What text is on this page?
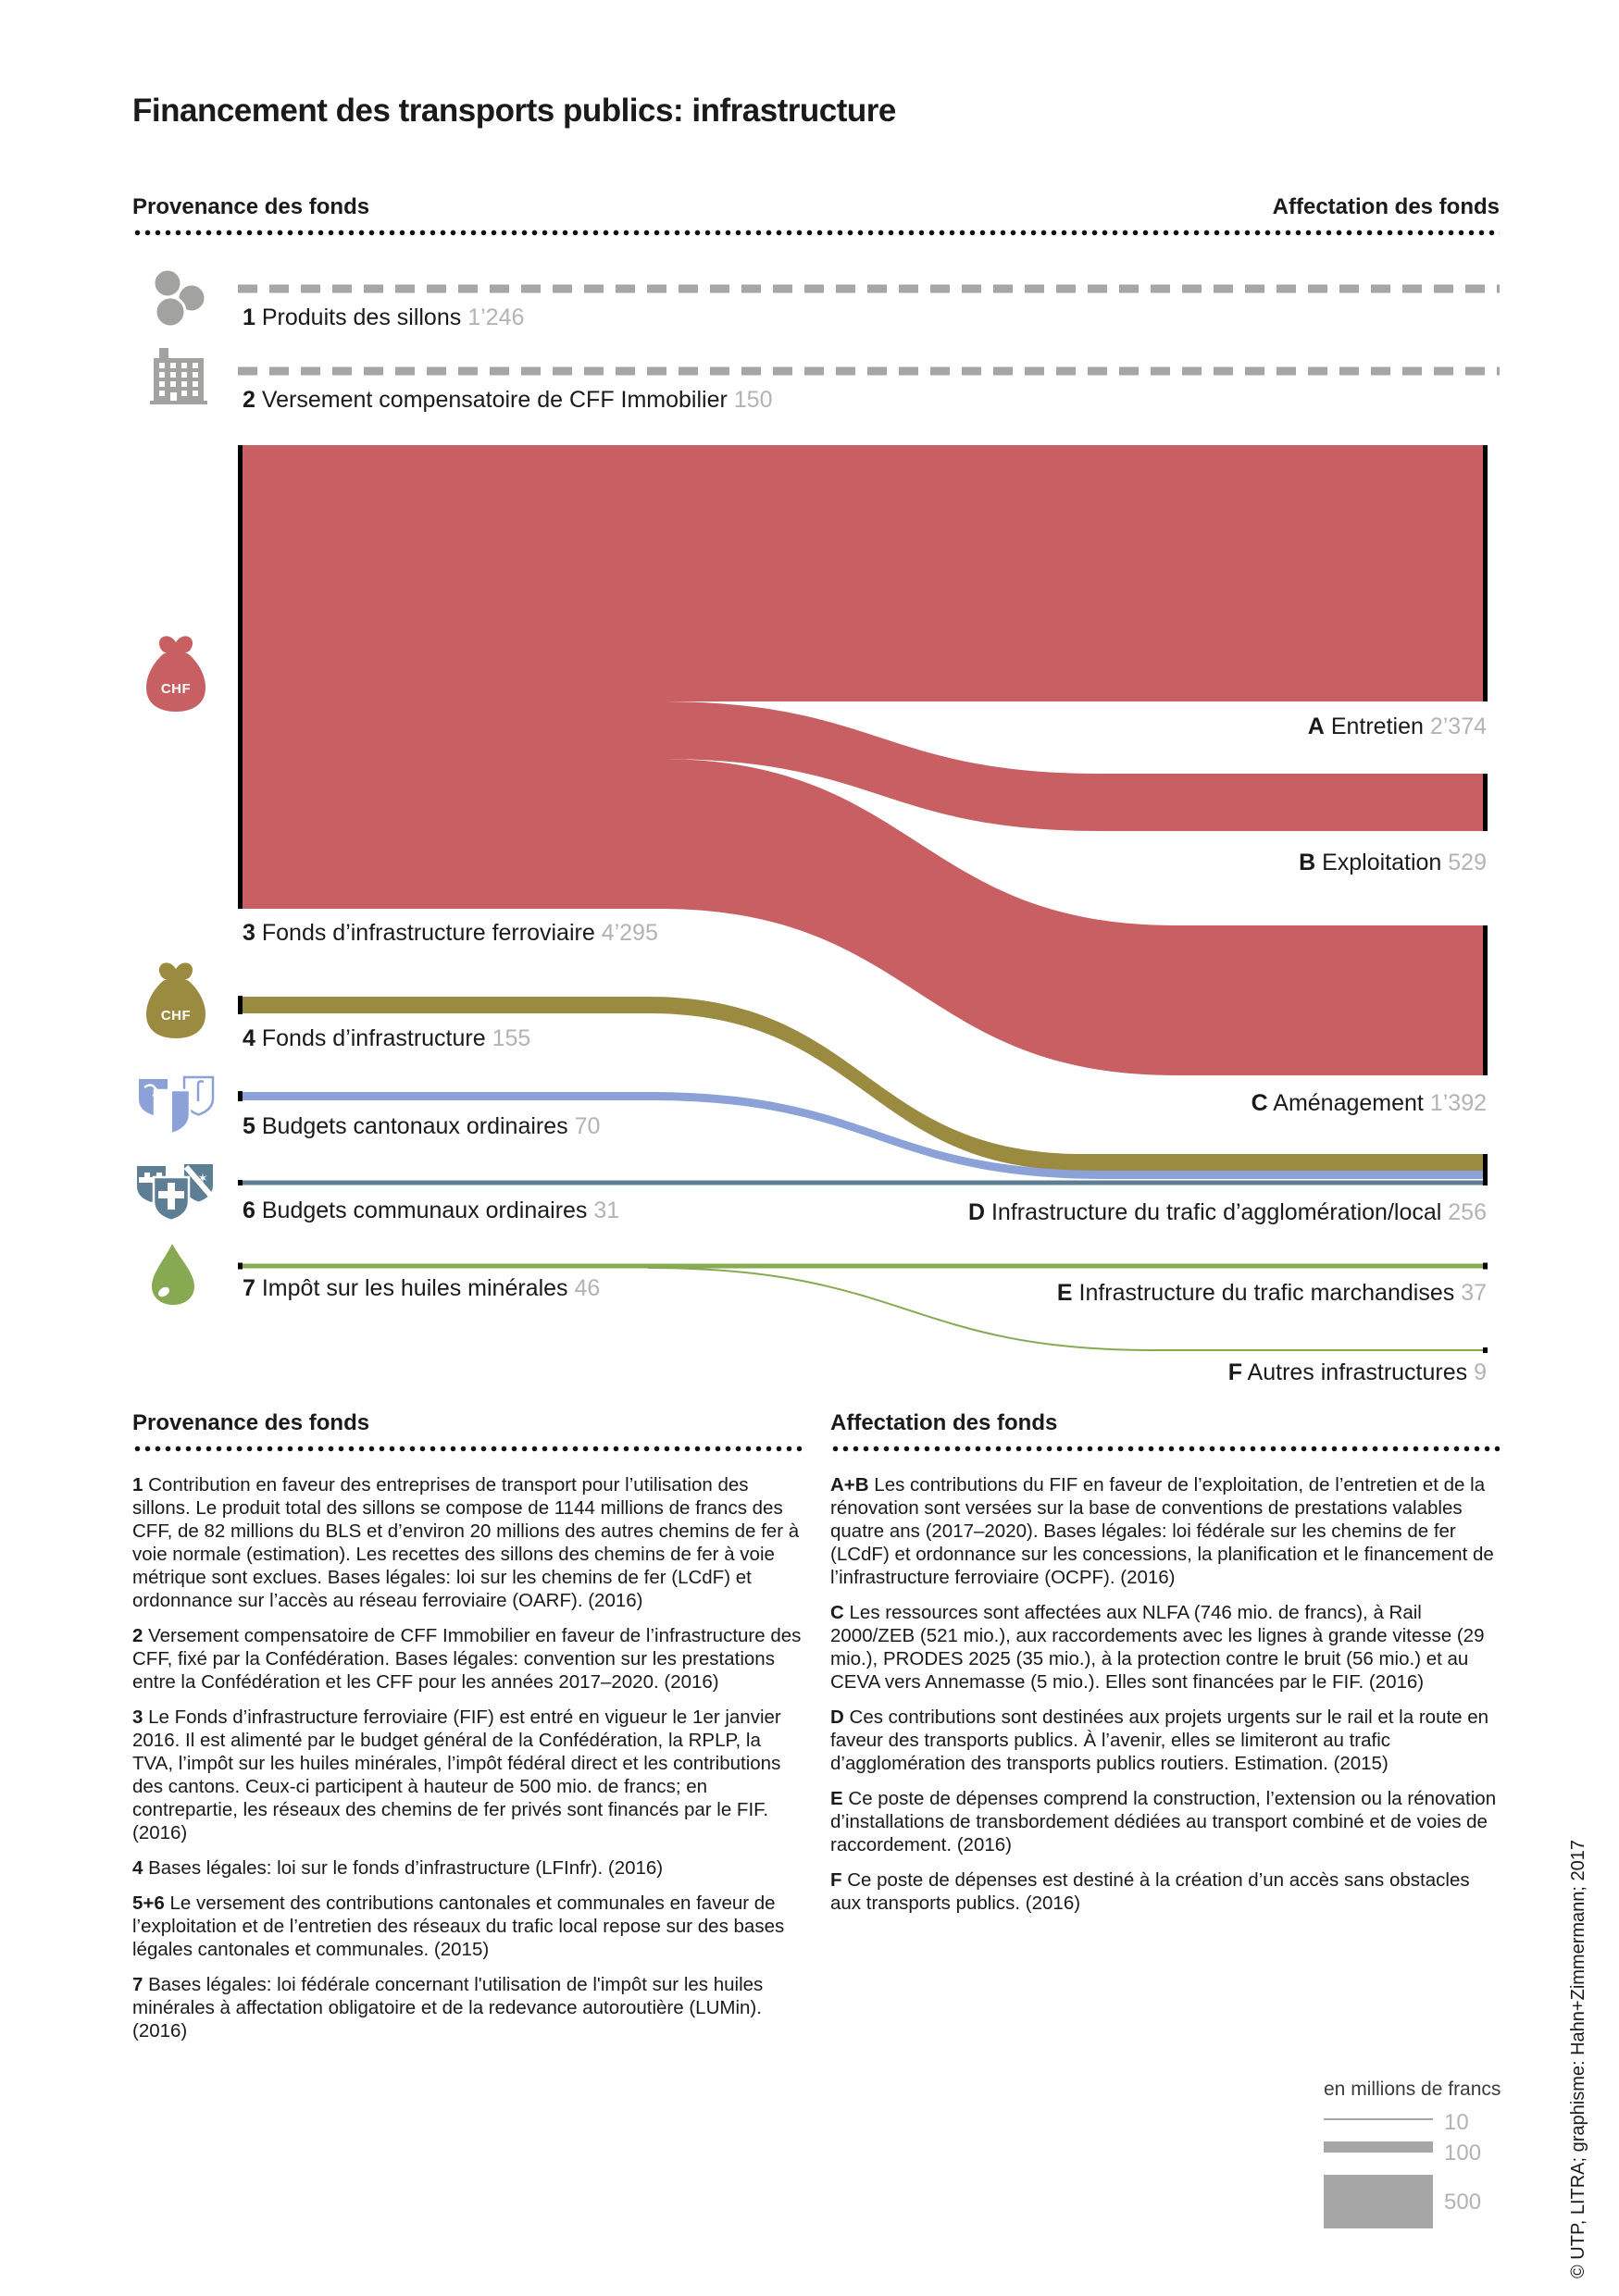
CHF
CHF
✶
Financement des transports publics: infrastructure
Provenance des fonds	Affectation des fonds
1 Produits des sillons 1’246
2 Versement compensatoire de CFF Immobilier 150
3 Fonds d’infrastructure ferroviaire 4’295
4 Fonds d’infrastructure 155
5 Budgets cantonaux ordinaires 70
6 Budgets communaux ordinaires 31
7 Impôt sur les huiles minérales 46
A Entretien 2’374
B Exploitation 529
C Aménagement 1’392
D Infrastructure du trafic d’agglomération/local 256
E Infrastructure du trafic marchandises 37
F Autres infrastructures 9
Provenance des fonds	Affectation des fonds

1 Contribution en faveur des entreprises de transport pour l’utilisation des sillons. Le produit total des sillons se compose de 1144 millions de francs des CFF, de 82 millions du BLS et d’environ 20 millions des autres chemins de fer à voie normale (estimation). Les recettes des sillons des chemins de fer à voie métrique sont exclues. Bases légales: loi sur les chemins de fer (LCdF) et ordonnance sur l’accès au réseau ferroviaire (OARF). (2016)

2 Versement compensatoire de CFF Immobilier en faveur de l’infrastructure des CFF, fixé par la Confédération. Bases légales: convention sur les prestations entre la Confédération et les CFF pour les années 2017–2020. (2016)

3 Le Fonds d’infrastructure ferroviaire (FIF) est entré en vigueur le 1er janvier 2016. Il est alimenté par le budget général de la Confédération, la RPLP, la TVA, l’impôt sur les huiles minérales, l’impôt fédéral direct et les contributions des cantons. Ceux-ci participent à hauteur de 500 mio. de francs; en contrepartie, les réseaux des chemins de fer privés sont financés par le FIF. (2016)

4 Bases légales: loi sur le fonds d’infrastructure (LFInfr). (2016)

5+6 Le versement des contributions cantonales et communales en faveur de l’exploitation et de l’entretien des réseaux du trafic local repose sur des bases légales cantonales et communales. (2015)

7 Bases légales: loi fédérale concernant l'utilisation de l'impôt sur les huiles minérales à affectation obligatoire et de la redevance autoroutière (LUMin). (2016)

A+B Les contributions du FIF en faveur de l’exploitation, de l’entretien et de la rénovation sont versées sur la base de conventions de prestations valables quatre ans (2017–2020). Bases légales: loi fédérale sur les chemins de fer (LCdF) et ordonnance sur les concessions, la planification et le financement de l’infrastructure ferroviaire (OCPF). (2016)

C Les ressources sont affectées aux NLFA (746 mio. de francs), à Rail 2000/ZEB (521 mio.), aux raccordements avec les lignes à grande vitesse (29 mio.), PRODES 2025 (35 mio.), à la protection contre le bruit (56 mio.) et au CEVA vers Annemasse (5 mio.). Elles sont financées par le FIF. (2016)

D Ces contributions sont destinées aux projets urgents sur le rail et la route en faveur des transports publics. À l’avenir, elles se limiteront au trafic d’agglomération des transports publics routiers. Estimation. (2015)

E Ce poste de dépenses comprend la construction, l’extension ou la rénovation d’installations de transbordement dédiées au transport combiné et de voies de raccordement. (2016)

F Ce poste de dépenses est destiné à la création d’un accès sans obstacles aux transports publics. (2016)

en millions de francs
10
100
500	© UTP, LITRA; graphisme: Hahn+Zimmermann; 2017
